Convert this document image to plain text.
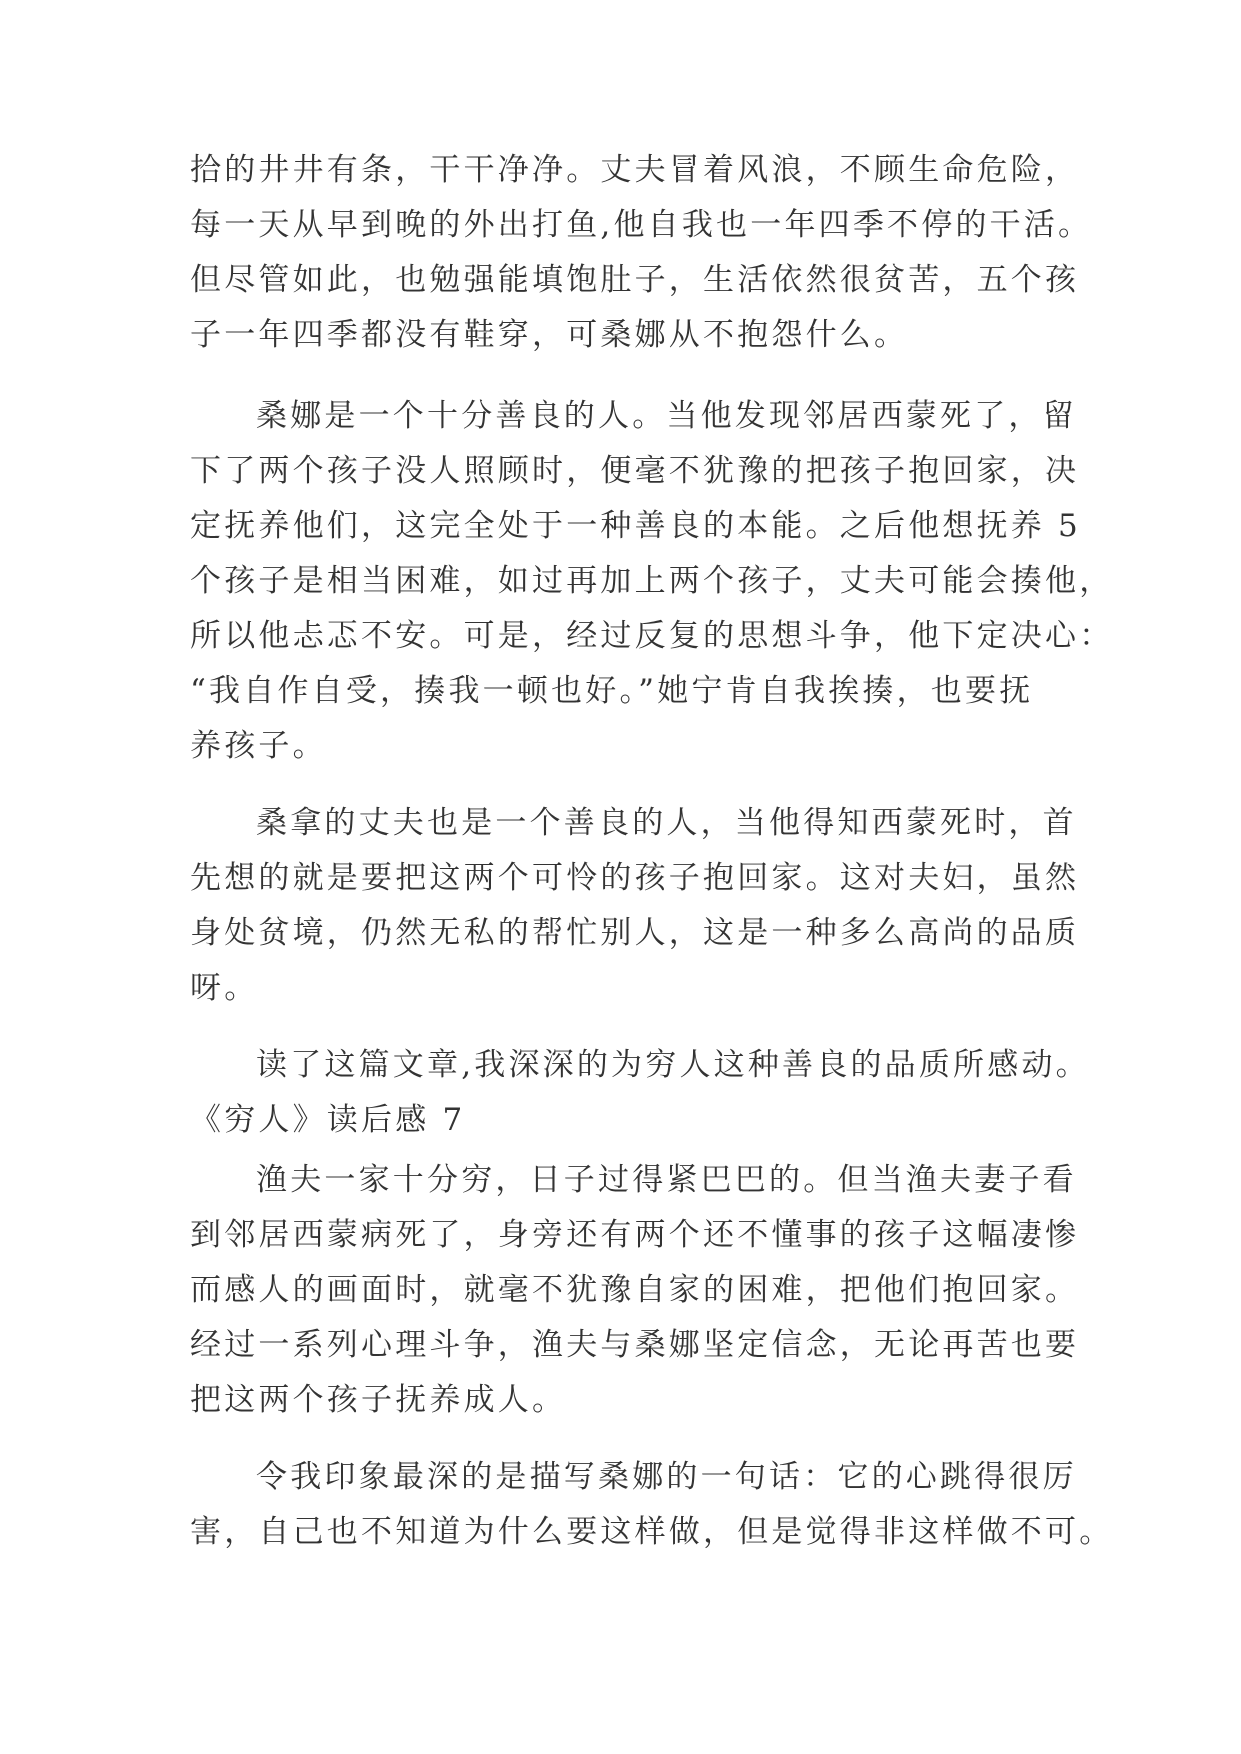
拾的井井有条，干干净净。丈夫冒着风浪，不顾生命危险，

每一天从早到晚的外出打鱼,他自我也一年四季不停的干活。

但尽管如此，也勉强能填饱肚子，生活依然很贫苦，五个孩

子一年四季都没有鞋穿，可桑娜从不抱怨什么。

桑娜是一个十分善良的人。当他发现邻居西蒙死了，留

下了两个孩子没人照顾时，便毫不犹豫的把孩子抱回家，决

定抚养他们，这完全处于一种善良的本能。之后他想抚养 5

个孩子是相当困难，如过再加上两个孩子，丈夫可能会揍他，

所以他忐忑不安。可是，经过反复的思想斗争，他下定决心：

“我自作自受，揍我一顿也好。”她宁肯自我挨揍，也要抚

养孩子。

桑拿的丈夫也是一个善良的人，当他得知西蒙死时，首

先想的就是要把这两个可怜的孩子抱回家。这对夫妇，虽然

身处贫境，仍然无私的帮忙别人，这是一种多么高尚的品质

呀。

读了这篇文章,我深深的为穷人这种善良的品质所感动。

《穷人》读后感 7

渔夫一家十分穷，日子过得紧巴巴的。但当渔夫妻子看

到邻居西蒙病死了，身旁还有两个还不懂事的孩子这幅凄惨

而感人的画面时，就毫不犹豫自家的困难，把他们抱回家。

经过一系列心理斗争，渔夫与桑娜坚定信念，无论再苦也要

把这两个孩子抚养成人。

令我印象最深的是描写桑娜的一句话：它的心跳得很厉

害，自己也不知道为什么要这样做，但是觉得非这样做不可。
